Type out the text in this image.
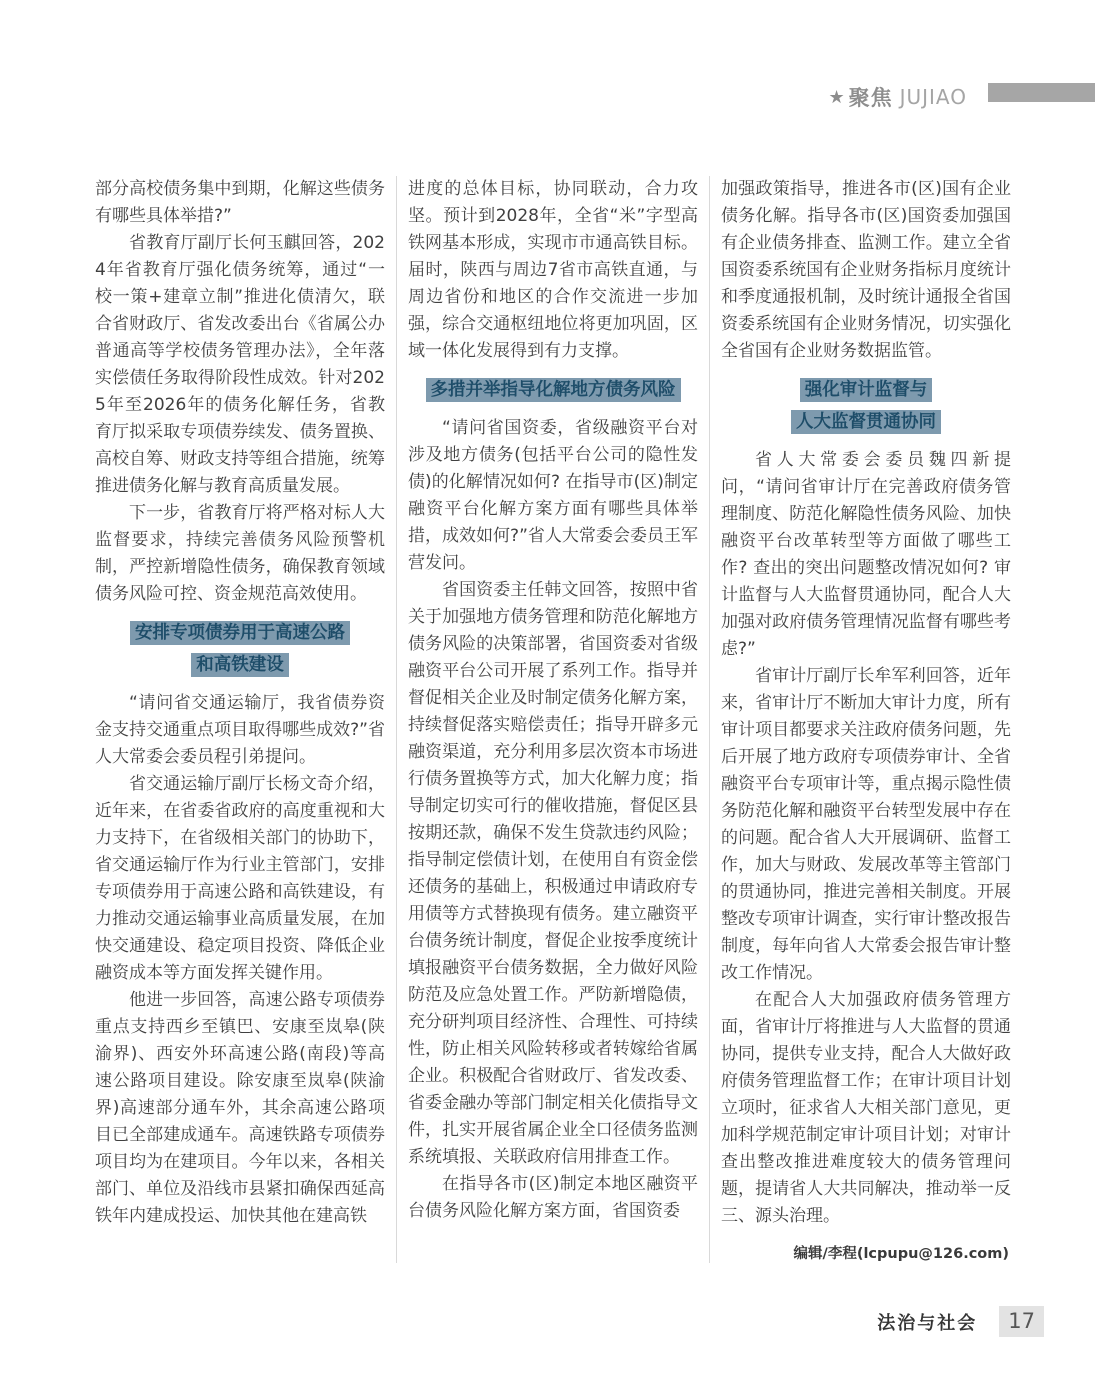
★ 聚焦 JUJIAO

部分高校债务集中到期，化解这些债务有哪些具体举措?”

省教育厅副厅长何玉麒回答，2024年省教育厅强化债务统筹，通过“一校一策+建章立制”推进化债清欠，联合省财政厅、省发改委出台《省属公办普通高等学校债务管理办法》，全年落实偿债任务取得阶段性成效。针对2025年至2026年的债务化解任务，省教育厅拟采取专项债券续发、债务置换、高校自筹、财政支持等组合措施，统筹推进债务化解与教育高质量发展。

下一步，省教育厅将严格对标人大监督要求，持续完善债务风险预警机制，严控新增隐性债务，确保教育领域债务风险可控、资金规范高效使用。

安排专项债券用于高速公路
和高铁建设

“请问省交通运输厅，我省债券资金支持交通重点项目取得哪些成效?”省人大常委会委员程引弟提问。

省交通运输厅副厅长杨文奇介绍，近年来，在省委省政府的高度重视和大力支持下，在省级相关部门的协助下，省交通运输厅作为行业主管部门，安排专项债券用于高速公路和高铁建设，有力推动交通运输事业高质量发展，在加快交通建设、稳定项目投资、降低企业融资成本等方面发挥关键作用。

他进一步回答，高速公路专项债券重点支持西乡至镇巴、安康至岚皋(陕渝界)、西安外环高速公路(南段)等高速公路项目建设。除安康至岚皋(陕渝界)高速部分通车外，其余高速公路项目已全部建成通车。高速铁路专项债券项目均为在建项目。今年以来，各相关部门、单位及沿线市县紧扣确保西延高铁年内建成投运、加快其他在建高铁

进度的总体目标，协同联动，合力攻坚。预计到2028年，全省“米”字型高铁网基本形成，实现市市通高铁目标。届时，陕西与周边7省市高铁直通，与周边省份和地区的合作交流进一步加强，综合交通枢纽地位将更加巩固，区域一体化发展得到有力支撑。

多措并举指导化解地方债务风险

“请问省国资委，省级融资平台对涉及地方债务(包括平台公司的隐性发债)的化解情况如何? 在指导市(区)制定融资平台化解方案方面有哪些具体举措，成效如何?”省人大常委会委员王军营发问。

省国资委主任韩文回答，按照中省关于加强地方债务管理和防范化解地方债务风险的决策部署，省国资委对省级融资平台公司开展了系列工作。指导并督促相关企业及时制定债务化解方案，持续督促落实赔偿责任；指导开辟多元融资渠道，充分利用多层次资本市场进行债务置换等方式，加大化解力度；指导制定切实可行的催收措施，督促区县按期还款，确保不发生贷款违约风险；指导制定偿债计划，在使用自有资金偿还债务的基础上，积极通过申请政府专用债等方式替换现有债务。建立融资平台债务统计制度，督促企业按季度统计填报融资平台债务数据，全力做好风险防范及应急处置工作。严防新增隐债，充分研判项目经济性、合理性、可持续性，防止相关风险转移或者转嫁给省属企业。积极配合省财政厅、省发改委、省委金融办等部门制定相关化债指导文件，扎实开展省属企业全口径债务监测系统填报、关联政府信用排查工作。

在指导各市(区)制定本地区融资平台债务风险化解方案方面，省国资委

加强政策指导，推进各市(区)国有企业债务化解。指导各市(区)国资委加强国有企业债务排查、监测工作。建立全省国资委系统国有企业财务指标月度统计和季度通报机制，及时统计通报全省国资委系统国有企业财务情况，切实强化全省国有企业财务数据监管。

强化审计监督与
人大监督贯通协同

省人大常委会委员魏四新提问，“请问省审计厅在完善政府债务管理制度、防范化解隐性债务风险、加快融资平台改革转型等方面做了哪些工作? 查出的突出问题整改情况如何? 审计监督与人大监督贯通协同，配合人大加强对政府债务管理情况监督有哪些考虑?”

省审计厅副厅长牟军利回答，近年来，省审计厅不断加大审计力度，所有审计项目都要求关注政府债务问题，先后开展了地方政府专项债券审计、全省融资平台专项审计等，重点揭示隐性债务防范化解和融资平台转型发展中存在的问题。配合省人大开展调研、监督工作，加大与财政、发展改革等主管部门的贯通协同，推进完善相关制度。开展整改专项审计调查，实行审计整改报告制度，每年向省人大常委会报告审计整改工作情况。

在配合人大加强政府债务管理方面，省审计厅将推进与人大监督的贯通协同，提供专业支持，配合人大做好政府债务管理监督工作；在审计项目计划立项时，征求省人大相关部门意见，更加科学规范制定审计项目计划；对审计查出整改推进难度较大的债务管理问题，提请省人大共同解决，推动举一反三、源头治理。

编辑/李程(lcpupu@126.com)
法治与社会	17
